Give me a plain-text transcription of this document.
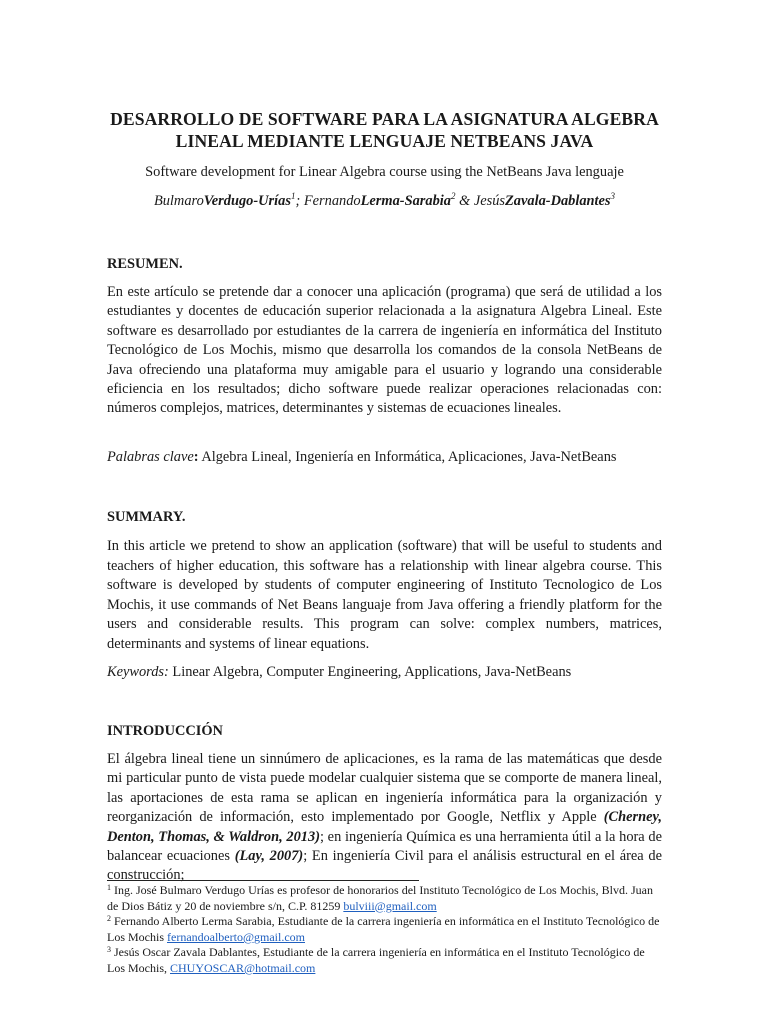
DESARROLLO DE SOFTWARE PARA LA ASIGNATURA ALGEBRA
LINEAL MEDIANTE LENGUAJE NETBEANS JAVA
Software development for Linear Algebra course using the NetBeans Java lenguaje
BulmaroVerdugo-Urías$^1$; FernandoLerma-Sarabia$^2$ & JesúsZavala-Dablantes$^3$
RESUMEN.
En este artículo se pretende dar a conocer una aplicación (programa) que será de utilidad a los estudiantes y docentes de educación superior relacionada a la asignatura Algebra Lineal. Este software es desarrollado por estudiantes de la carrera de ingeniería en informática del Instituto Tecnológico de Los Mochis, mismo que desarrolla los comandos de la consola NetBeans de Java ofreciendo una plataforma muy amigable para el usuario y logrando una considerable eficiencia en los resultados; dicho software puede realizar operaciones relacionadas con: números complejos, matrices, determinantes y sistemas de ecuaciones lineales.
Palabras clave: Algebra Lineal, Ingeniería en Informática, Aplicaciones, Java-NetBeans
SUMMARY.
In this article we pretend to show an application (software) that will be useful to students and teachers of higher education, this software has a relationship with linear algebra course. This software is developed by students of computer engineering of Instituto Tecnologico de Los Mochis, it use commands of Net Beans languaje from Java offering a friendly platform for the users and considerable results. This program can solve: complex numbers, matrices, determinants and systems of linear equations.
Keywords: Linear Algebra, Computer Engineering, Applications, Java-NetBeans
INTRODUCCIÓN
El álgebra lineal tiene un sinnúmero de aplicaciones, es la rama de las matemáticas que desde mi particular punto de vista puede modelar cualquier sistema que se comporte de manera lineal, las aportaciones de esta rama se aplican en ingeniería informática para la organización y reorganización de información, esto implementado por Google, Netflix y Apple (Cherney, Denton, Thomas, & Waldron, 2013); en ingeniería Química es una herramienta útil a la hora de balancear ecuaciones (Lay, 2007); En ingeniería Civil para el análisis estructural en el área de construcción;

$^1$ Ing. José Bulmaro Verdugo Urías es profesor de honorarios del Instituto Tecnológico de Los Mochis, Blvd. Juan de Dios Bátiz y 20 de noviembre s/n, C.P. 81259 bulviii@gmail.com

$^2$ Fernando Alberto Lerma Sarabia, Estudiante de la carrera ingeniería en informática en el Instituto Tecnológico de Los Mochis fernandoalberto@gmail.com

$^3$ Jesús Oscar Zavala Dablantes, Estudiante de la carrera ingeniería en informática en el Instituto Tecnológico de Los Mochis, CHUYOSCAR@hotmail.com
